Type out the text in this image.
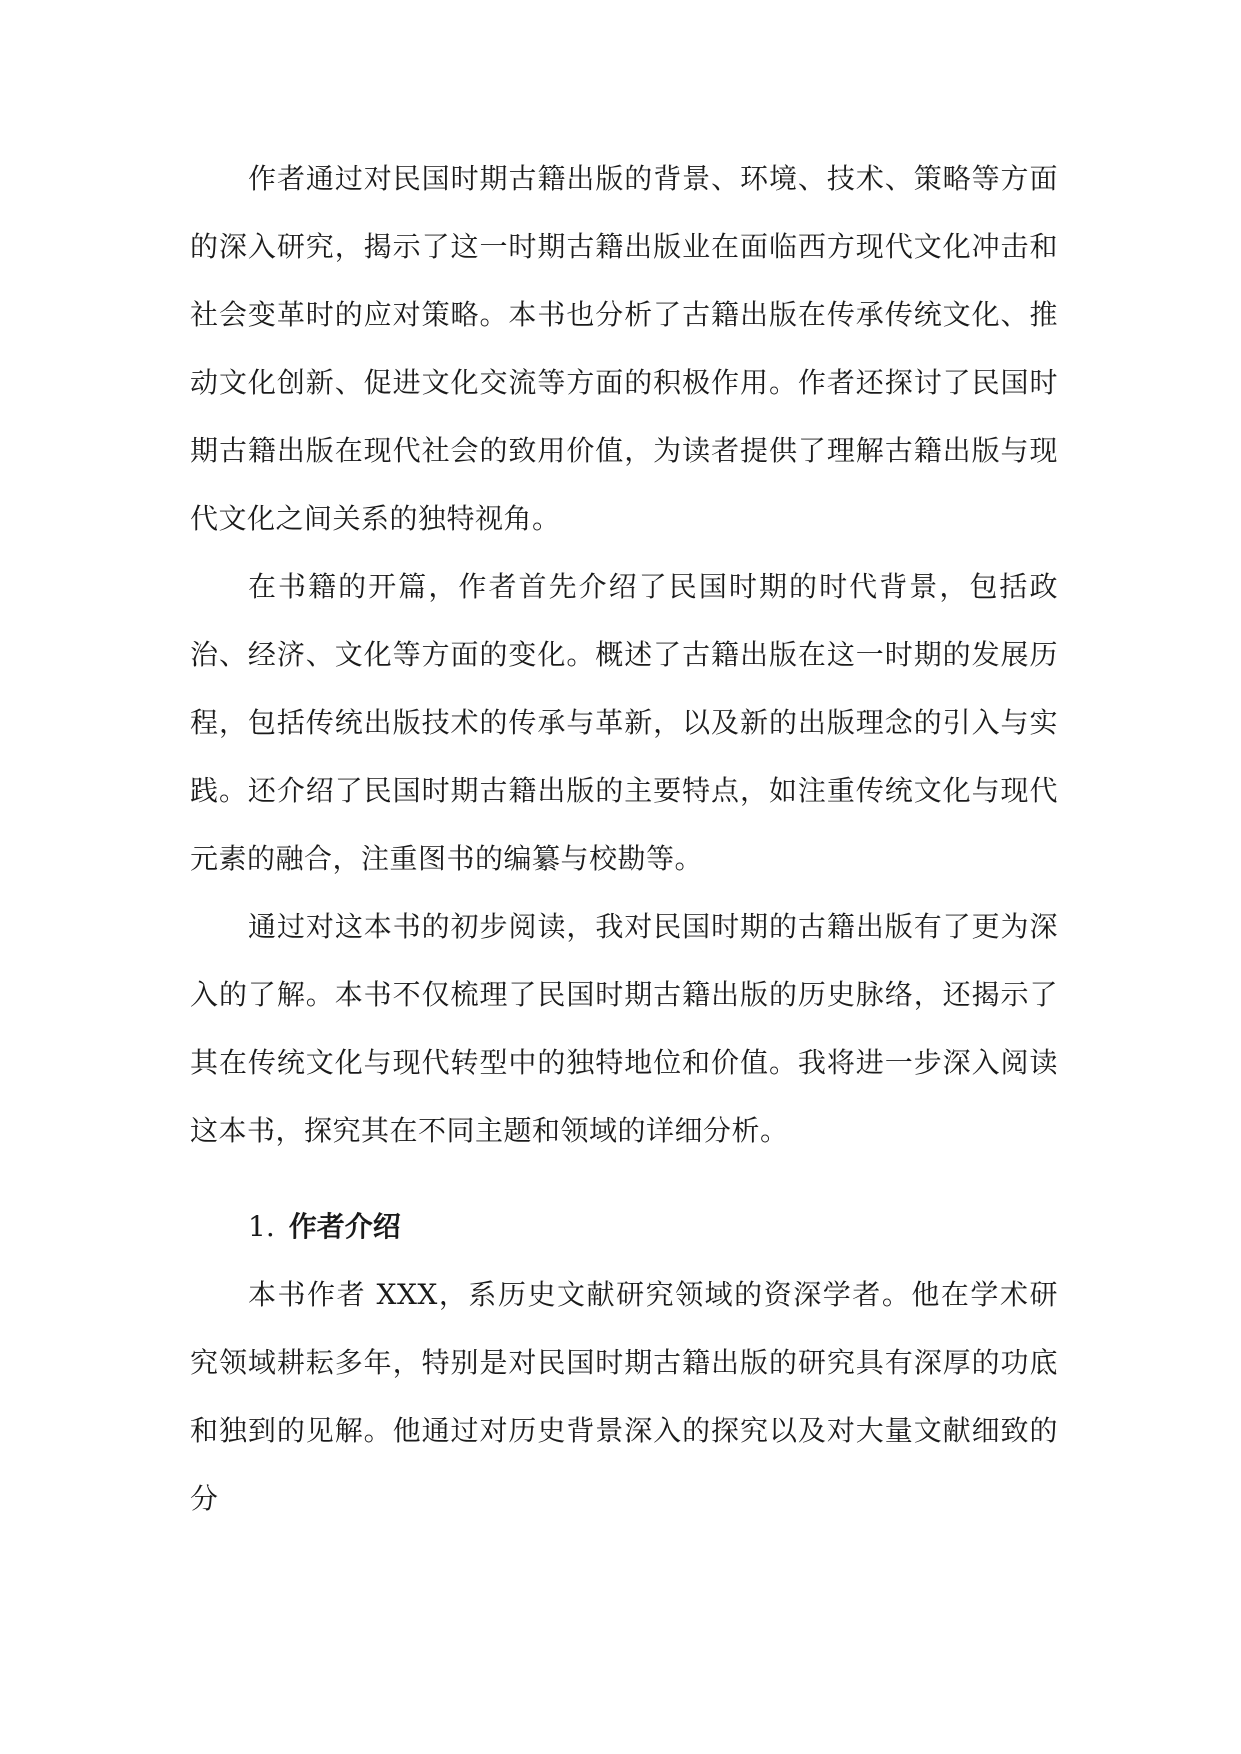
作者通过对民国时期古籍出版的背景、环境、技术、策略等方面的深入研究，揭示了这一时期古籍出版业在面临西方现代文化冲击和社会变革时的应对策略。本书也分析了古籍出版在传承传统文化、推动文化创新、促进文化交流等方面的积极作用。作者还探讨了民国时期古籍出版在现代社会的致用价值，为读者提供了理解古籍出版与现代文化之间关系的独特视角。

在书籍的开篇，作者首先介绍了民国时期的时代背景，包括政治、经济、文化等方面的变化。概述了古籍出版在这一时期的发展历程，包括传统出版技术的传承与革新，以及新的出版理念的引入与实践。还介绍了民国时期古籍出版的主要特点，如注重传统文化与现代元素的融合，注重图书的编纂与校勘等。

通过对这本书的初步阅读，我对民国时期的古籍出版有了更为深入的了解。本书不仅梳理了民国时期古籍出版的历史脉络，还揭示了其在传统文化与现代转型中的独特地位和价值。我将进一步深入阅读这本书，探究其在不同主题和领域的详细分析。

1. 作者介绍

本书作者 XXX，系历史文献研究领域的资深学者。他在学术研究领域耕耘多年，特别是对民国时期古籍出版的研究具有深厚的功底和独到的见解。他通过对历史背景深入的探究以及对大量文献细致的分
